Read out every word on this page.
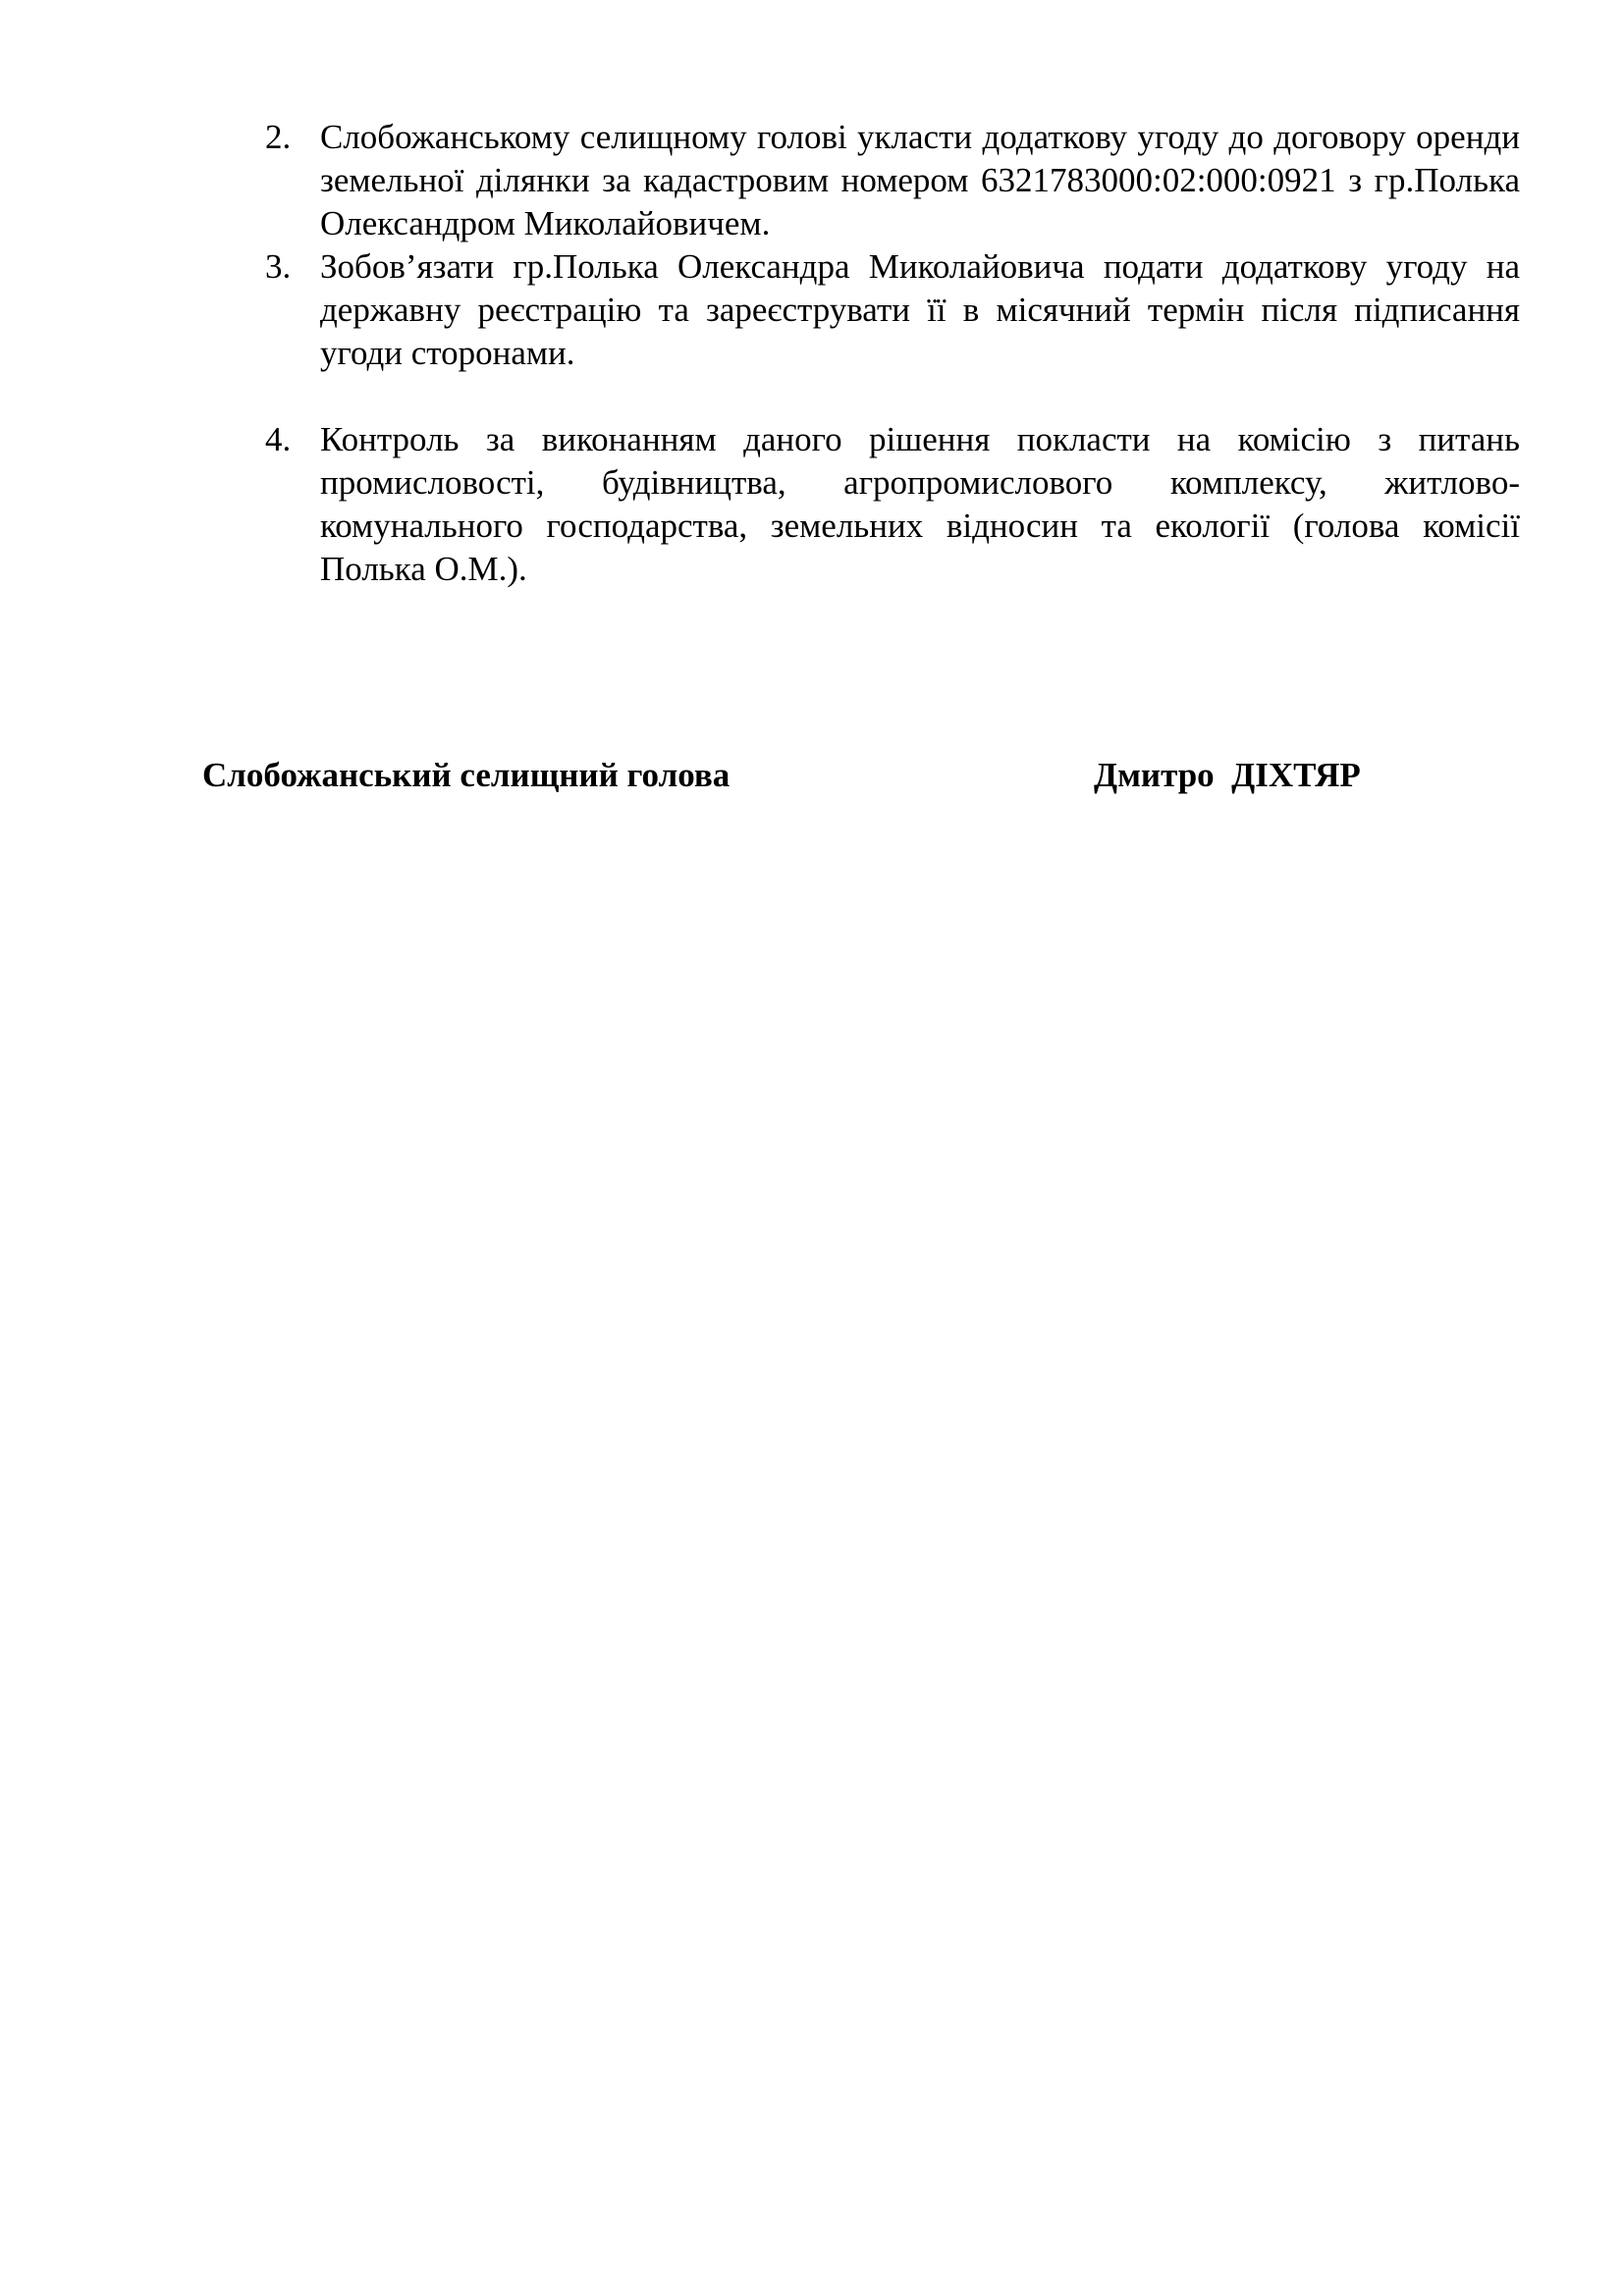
2. Слобожанському селищному голові укласти додаткову угоду до договору оренди земельної ділянки за кадастровим номером 6321783000:02:000:0921 з гр.Полька Олександром Миколайовичем.
3. Зобов’язати гр.Полька Олександра Миколайовича подати додаткову угоду на державну реєстрацію та зареєструвати її в місячний термін після підписання угоди сторонами.
4. Контроль за виконанням даного рішення покласти на комісію з питань промисловості, будівництва, агропромислового комплексу, житлово-комунального господарства, земельних відносин та екології (голова комісії Полька О.М.).
Слобожанський селищний голова	Дмитро  ДІХТЯР
